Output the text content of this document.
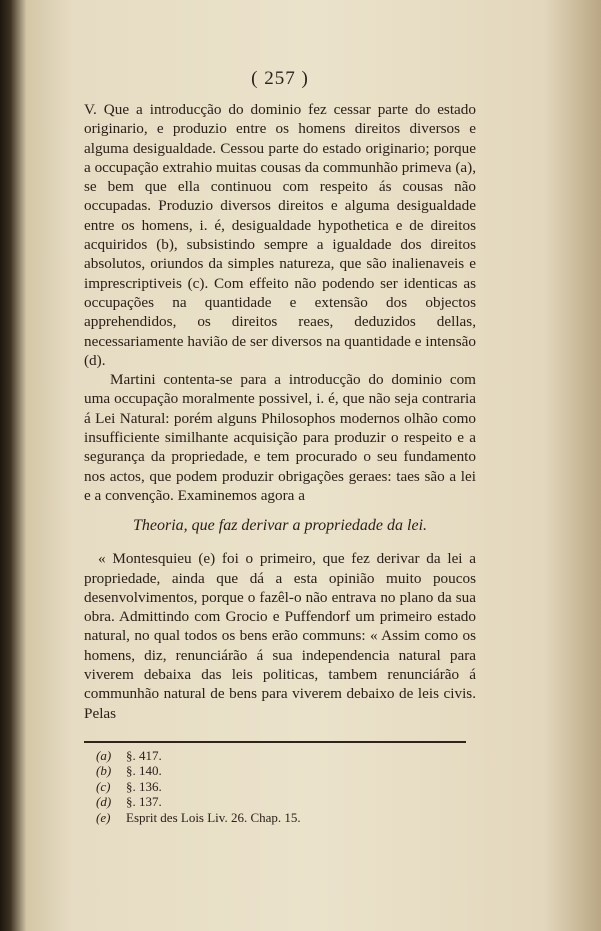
( 257 )

V. Que a introducção do dominio fez cessar parte do estado originario, e produzio entre os homens direitos diversos e alguma desigualdade. Cessou parte do estado originario; porque a occupação extrahio muitas cousas da communhão primeva (a), se bem que ella continuou com respeito ás cousas não occupadas. Produzio diversos direitos e alguma desigualdade entre os homens, i. é, desigualdade hypothetica e de direitos acquiridos (b), subsistindo sempre a igualdade dos direitos absolutos, oriundos da simples natureza, que são inalienaveis e imprescriptiveis (c). Com effeito não podendo ser identicas as occupações na quantidade e extensão dos objectos apprehendidos, os direitos reaes, deduzidos dellas, necessariamente havião de ser diversos na quantidade e intensão (d).

Martini contenta-se para a introducção do dominio com uma occupação moralmente possivel, i. é, que não seja contraria á Lei Natural: porém alguns Philosophos modernos olhão como insufficiente similhante acquisição para produzir o respeito e a segurança da propriedade, e tem procurado o seu fundamento nos actos, que podem produzir obrigações geraes: taes são a lei e a convenção. Examinemos agora a

Theoria, que faz derivar a propriedade da lei.

« Montesquieu (e) foi o primeiro, que fez derivar da lei a propriedade, ainda que dá a esta opinião muito poucos desenvolvimentos, porque o fazêl-o não entrava no plano da sua obra. Admittindo com Grocio e Puffendorf um primeiro estado natural, no qual todos os bens erão communs: « Assim como os homens, diz, renunciárão á sua independencia natural para viverem debaixa das leis politicas, tambem renunciárão á communhão natural de bens para viverem debaixo de leis civis. Pelas

(a) §. 417.
(b) §. 140.
(c) §. 136.
(d) §. 137.
(e) Esprit des Lois Liv. 26. Chap. 15.
